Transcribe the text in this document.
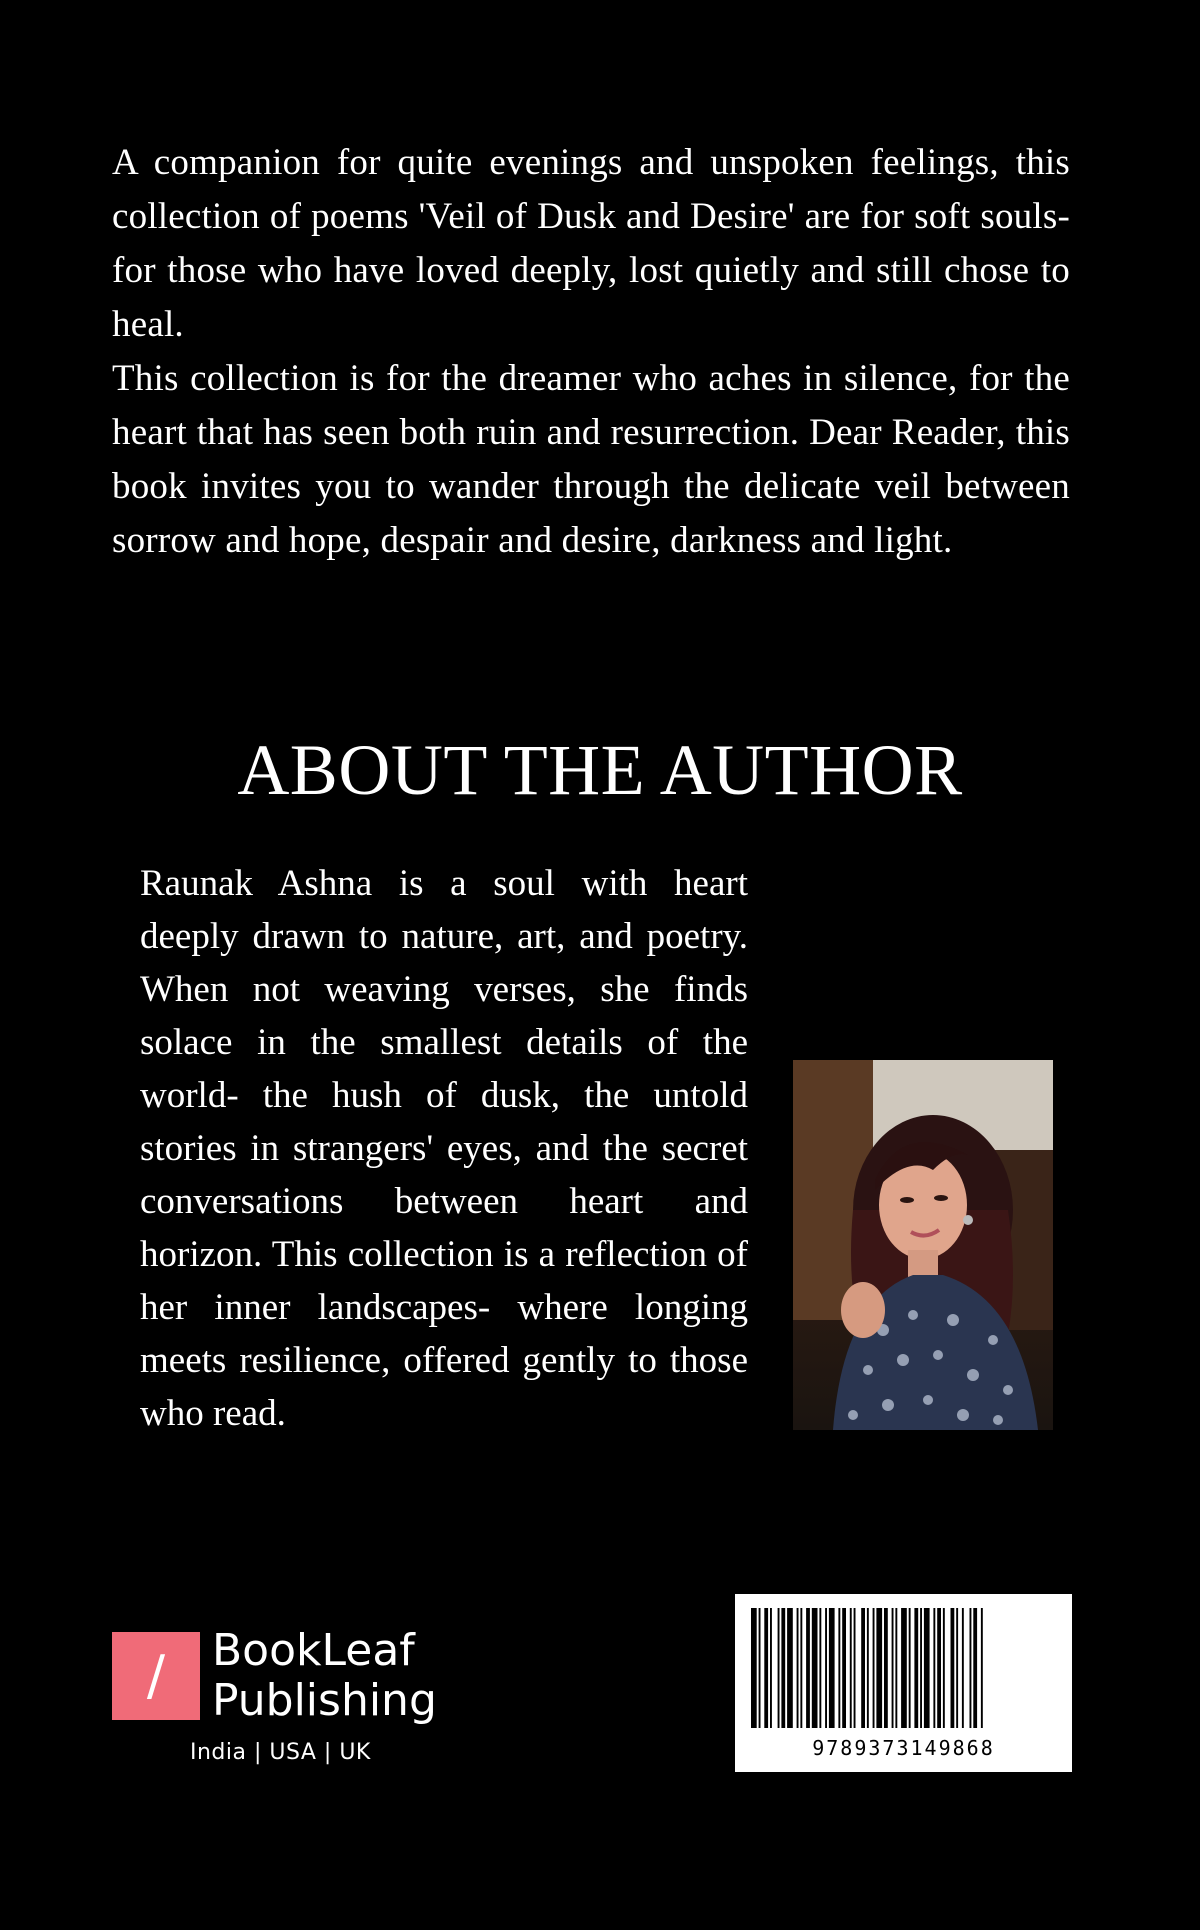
A companion for quite evenings and unspoken feelings, this collection of poems 'Veil of Dusk and Desire' are for soft souls- for those who have loved deeply, lost quietly and still chose to heal.

This collection is for the dreamer who aches in silence, for the heart that has seen both ruin and resurrection. Dear Reader, this book invites you to wander through the delicate veil between sorrow and hope, despair and desire, darkness and light.

ABOUT THE AUTHOR

Raunak Ashna is a soul with heart deeply drawn to nature, art, and poetry. When not weaving verses, she finds solace in the smallest details of the world- the hush of dusk, the untold stories in strangers' eyes, and the secret conversations between heart and horizon. This collection is a reflection of her inner landscapes- where longing meets resilience, offered gently to those who read.

/	BookLeaf
Publishing
India | USA | UK	9789373149868
